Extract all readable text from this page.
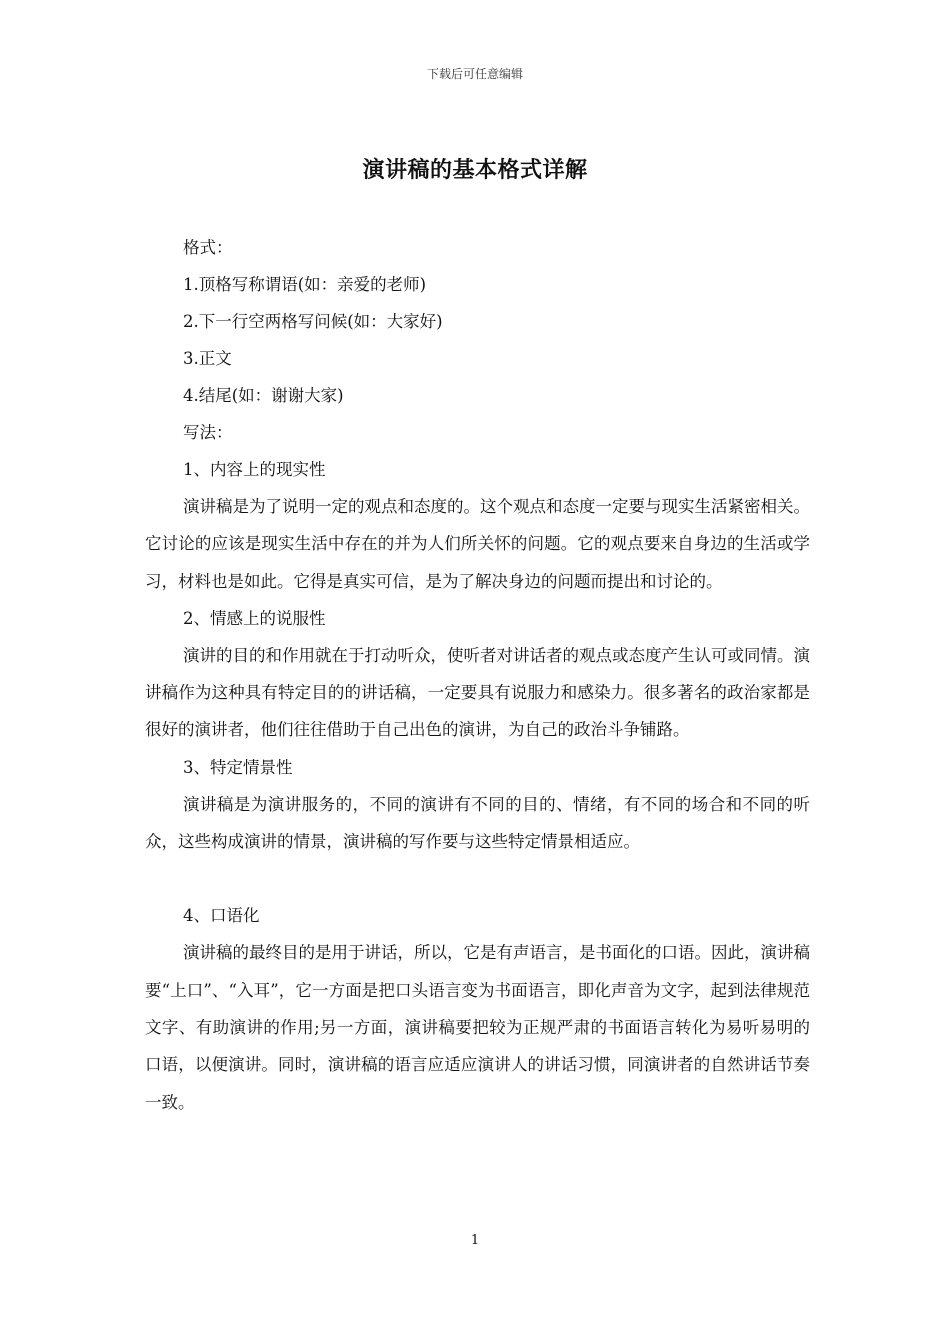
下载后可任意编辑
演讲稿的基本格式详解

格式：

1.顶格写称谓语(如：亲爱的老师)

2.下一行空两格写问候(如：大家好)

3.正文

4.结尾(如：谢谢大家)

写法：

1、内容上的现实性

演讲稿是为了说明一定的观点和态度的。这个观点和态度一定要与现实生活紧密相关。它讨论的应该是现实生活中存在的并为人们所关怀的问题。它的观点要来自身边的生活或学习，材料也是如此。它得是真实可信，是为了解决身边的问题而提出和讨论的。

2、情感上的说服性

演讲的目的和作用就在于打动听众，使听者对讲话者的观点或态度产生认可或同情。演讲稿作为这种具有特定目的的讲话稿，一定要具有说服力和感染力。很多著名的政治家都是很好的演讲者，他们往往借助于自己出色的演讲，为自己的政治斗争铺路。

3、特定情景性

演讲稿是为演讲服务的，不同的演讲有不同的目的、情绪，有不同的场合和不同的听众，这些构成演讲的情景，演讲稿的写作要与这些特定情景相适应。

4、口语化

演讲稿的最终目的是用于讲话，所以，它是有声语言，是书面化的口语。因此，演讲稿要“上口”、“入耳”，它一方面是把口头语言变为书面语言，即化声音为文字，起到法律规范文字、有助演讲的作用;另一方面，演讲稿要把较为正规严肃的书面语言转化为易听易明的口语，以便演讲。同时，演讲稿的语言应适应演讲人的讲话习惯，同演讲者的自然讲话节奏一致。

1
